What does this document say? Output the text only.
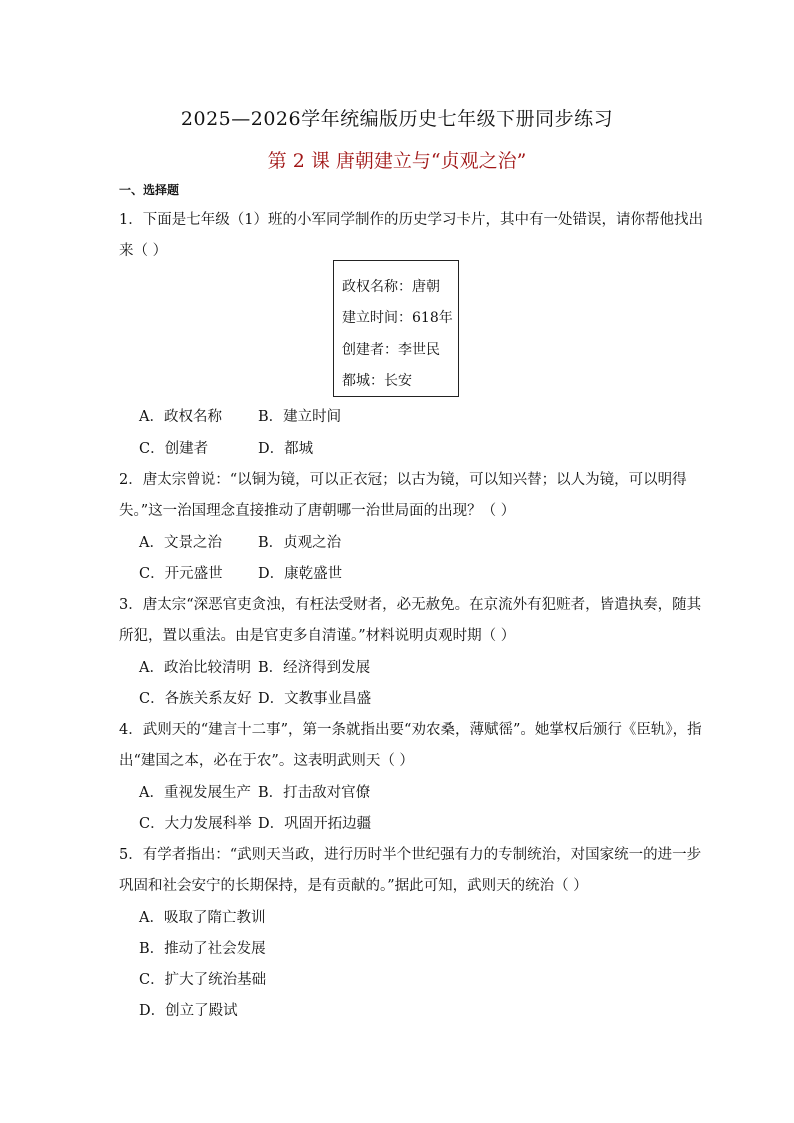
2025—2026学年统编版历史七年级下册同步练习
第 2 课 唐朝建立与“贞观之治”
一、选择题
1．下面是七年级（1）班的小军同学制作的历史学习卡片，其中有一处错误，请你帮他找出
来（ ）
政权名称：唐朝
建立时间：618年
创建者：李世民
都城：长安
A．政权名称 B．建立时间
C．创建者	D．都城
2．唐太宗曾说：“以铜为镜，可以正衣冠；以古为镜，可以知兴替；以人为镜，可以明得
失。”这一治国理念直接推动了唐朝哪一治世局面的出现？（ ）
A．文景之治 B．贞观之治
C．开元盛世 D．康乾盛世
3．唐太宗“深恶官吏贪浊，有枉法受财者，必无赦免。在京流外有犯赃者，皆遣执奏，随其
所犯，置以重法。由是官吏多自清谨。”材料说明贞观时期（ ）
A．政治比较清明 B．经济得到发展
C．各族关系友好 D．文教事业昌盛
4．武则天的“建言十二事”，第一条就指出要“劝农桑，薄赋徭”。她掌权后颁行《臣轨》，指
出“建国之本，必在于农”。这表明武则天（ ）
A．重视发展生产 B．打击敌对官僚
C．大力发展科举 D．巩固开拓边疆
5．有学者指出：“武则天当政，进行历时半个世纪强有力的专制统治，对国家统一的进一步
巩固和社会安宁的长期保持，是有贡献的。”据此可知，武则天的统治（ ）
A．吸取了隋亡教训
B．推动了社会发展
C．扩大了统治基础
D．创立了殿试
